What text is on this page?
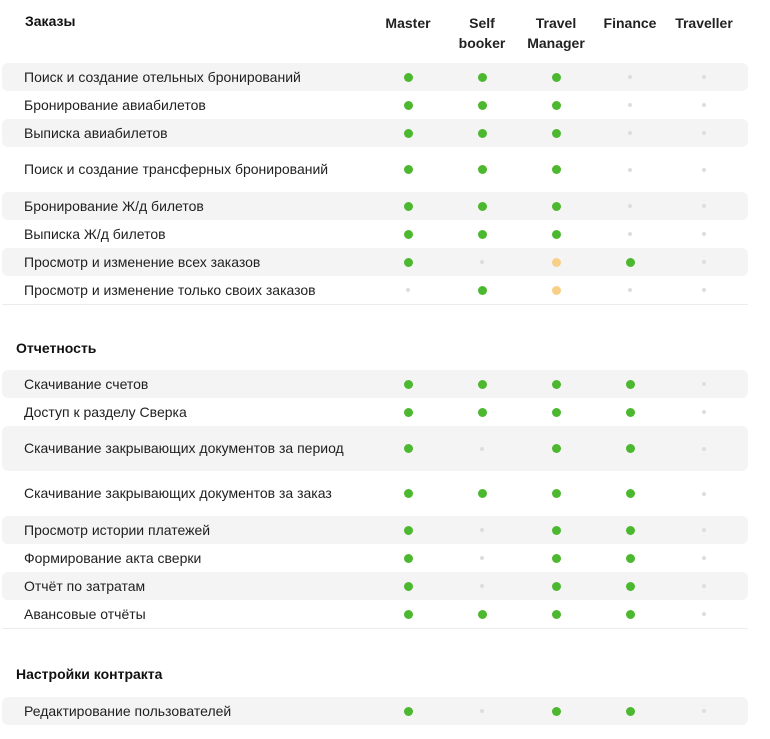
Master	Self
booker
Travel
Manager
Finance	Traveller
Заказы
Поиск и создание отельных бронирований
Бронирование авиабилетов
Выписка авиабилетов
Поиск и создание трансферных бронирований
Бронирование Ж/д билетов
Выписка Ж/д билетов
Просмотр и изменение всех заказов
Просмотр и изменение только своих заказов
Отчетность
Скачивание счетов
Доступ к разделу Сверка
Скачивание закрывающих документов за период
Скачивание закрывающих документов за заказ
Просмотр истории платежей
Формирование акта сверки
Отчёт по затратам
Авансовые отчёты
Настройки контракта
Редактирование пользователей
